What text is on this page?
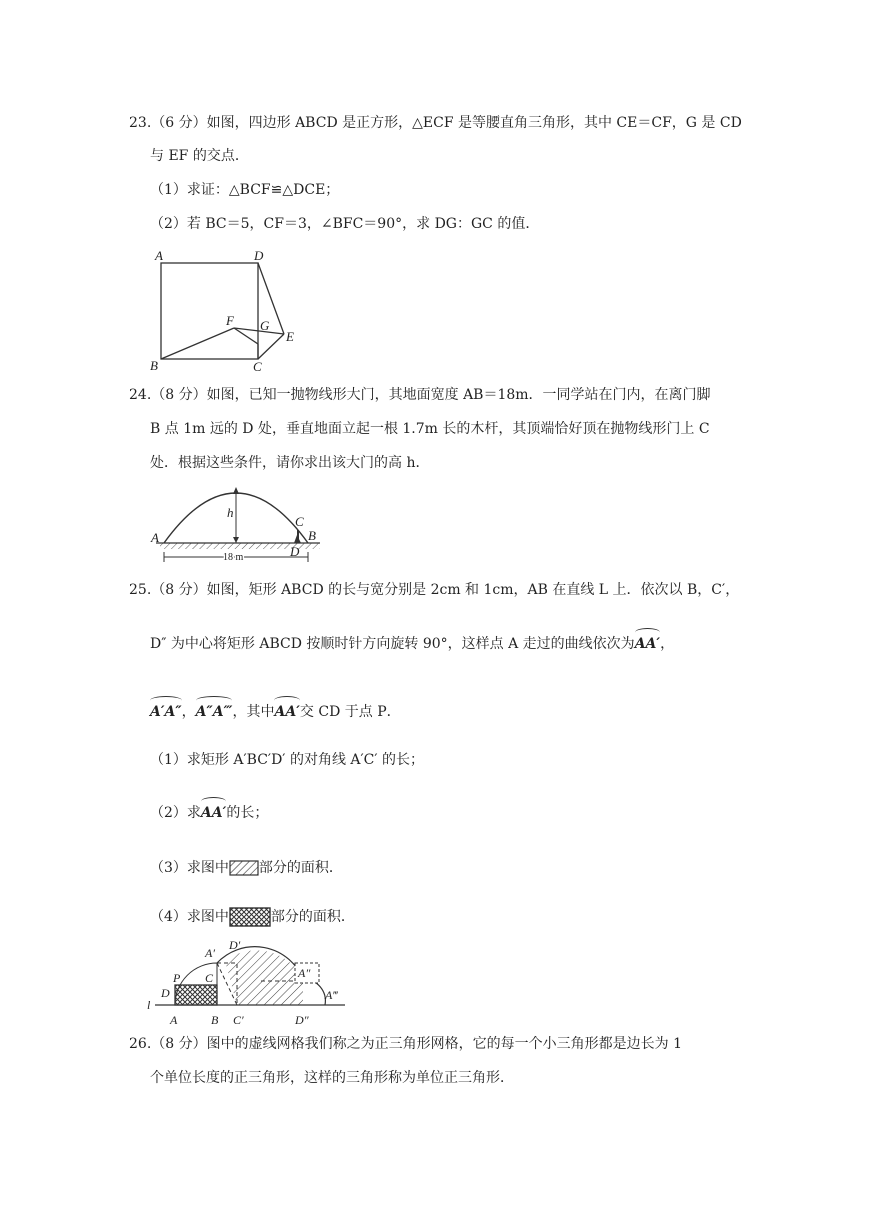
23.（6 分）如图，四边形 ABCD 是正方形，△ECF 是等腰直角三角形，其中 CE＝CF，G 是 CD
与 EF 的交点．
（1）求证：△BCF≌△DCE；
（2）若 BC＝5，CF＝3，∠BFC＝90°，求 DG：GC 的值．
A	D
F G
E
B	C
24.（8 分）如图，已知一抛物线形大门，其地面宽度 AB＝18m．一同学站在门内，在离门脚
B 点 1m 远的 D 处，垂直地面立起一根 1.7m 长的木杆，其顶端恰好顶在抛物线形门上 C
处．根据这些条件，请你求出该大门的高 h．
h
C
B
A
D
18 m
25.（8 分）如图，矩形 ABCD 的长与宽分别是 2cm 和 1cm，AB 在直线 L 上．依次以 B，C′，
D″ 为中心将矩形 ABCD 按顺时针方向旋转 90°，这样点 A 走过的曲线依次为AA′，
A′A″，A″A‴，其中AA′交 CD 于点 P．
（1）求矩形 A′BC′D′ 的对角线 A′C′ 的长；
（2）求AA′的长；
（3）求图中 部分的面积．
（4）求图中	部分的面积．
A′
D′
P C
D
A″
A‴
l
A	B C′	D″
26.（8 分）图中的虚线网格我们称之为正三角形网格，它的每一个小三角形都是边长为 1
个单位长度的正三角形，这样的三角形称为单位正三角形．
